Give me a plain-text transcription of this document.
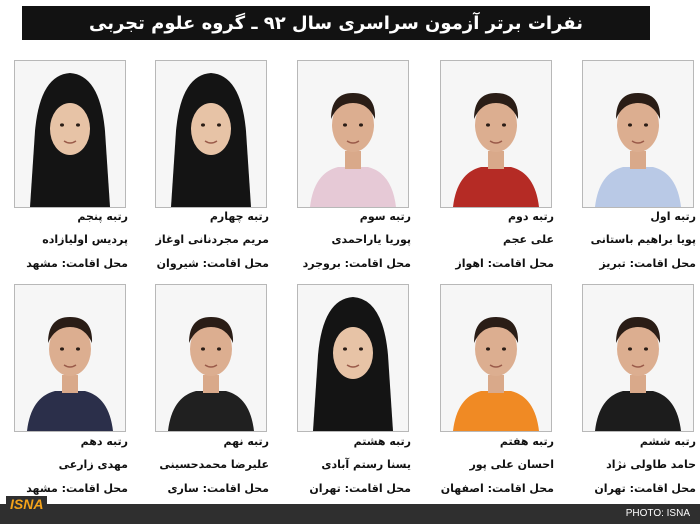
نفرات برتر آزمون سراسری سال ۹۲ ـ گروه علوم تجربی
رتبه اول
پویا براهیم باستانی
محل اقامت: تبریز
رتبه دوم
علی عجم
محل اقامت: اهواز
رتبه سوم
پوریا یاراحمدی
محل اقامت: بروجرد
رتبه چهارم
مریم مجردنانی اوغاز
محل اقامت: شیروان
رتبه پنجم
پردیس اولیازاده
محل اقامت: مشهد
رتبه ششم
حامد طاولی نژاد
محل اقامت: تهران
رتبه هفتم
احسان علی پور
محل اقامت: اصفهان
رتبه هشتم
یسنا رستم آبادی
محل اقامت: تهران
رتبه نهم
علیرضا محمدحسینی
محل اقامت: ساری
رتبه دهم
مهدی زارعی
محل اقامت: مشهد
ISNA
PHOTO: ISNA
